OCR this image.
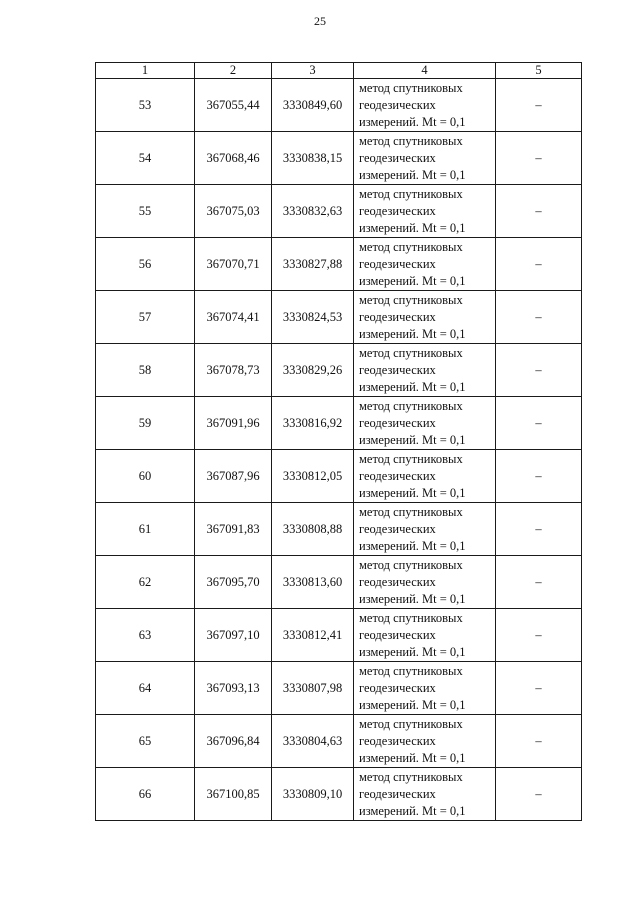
25
1	2	3	4	5
53	367055,44	3330849,60	метод спутниковых
геодезических
измерений. Mt = 0,1	–
54	367068,46	3330838,15	метод спутниковых
геодезических
измерений. Mt = 0,1	–
55	367075,03	3330832,63	метод спутниковых
геодезических
измерений. Mt = 0,1	–
56	367070,71	3330827,88	метод спутниковых
геодезических
измерений. Mt = 0,1	–
57	367074,41	3330824,53	метод спутниковых
геодезических
измерений. Mt = 0,1	–
58	367078,73	3330829,26	метод спутниковых
геодезических
измерений. Mt = 0,1	–
59	367091,96	3330816,92	метод спутниковых
геодезических
измерений. Mt = 0,1	–
60	367087,96	3330812,05	метод спутниковых
геодезических
измерений. Mt = 0,1	–
61	367091,83	3330808,88	метод спутниковых
геодезических
измерений. Mt = 0,1	–
62	367095,70	3330813,60	метод спутниковых
геодезических
измерений. Mt = 0,1	–
63	367097,10	3330812,41	метод спутниковых
геодезических
измерений. Mt = 0,1	–
64	367093,13	3330807,98	метод спутниковых
геодезических
измерений. Mt = 0,1	–
65	367096,84	3330804,63	метод спутниковых
геодезических
измерений. Mt = 0,1	–
66	367100,85	3330809,10	метод спутниковых
геодезических
измерений. Mt = 0,1	–
